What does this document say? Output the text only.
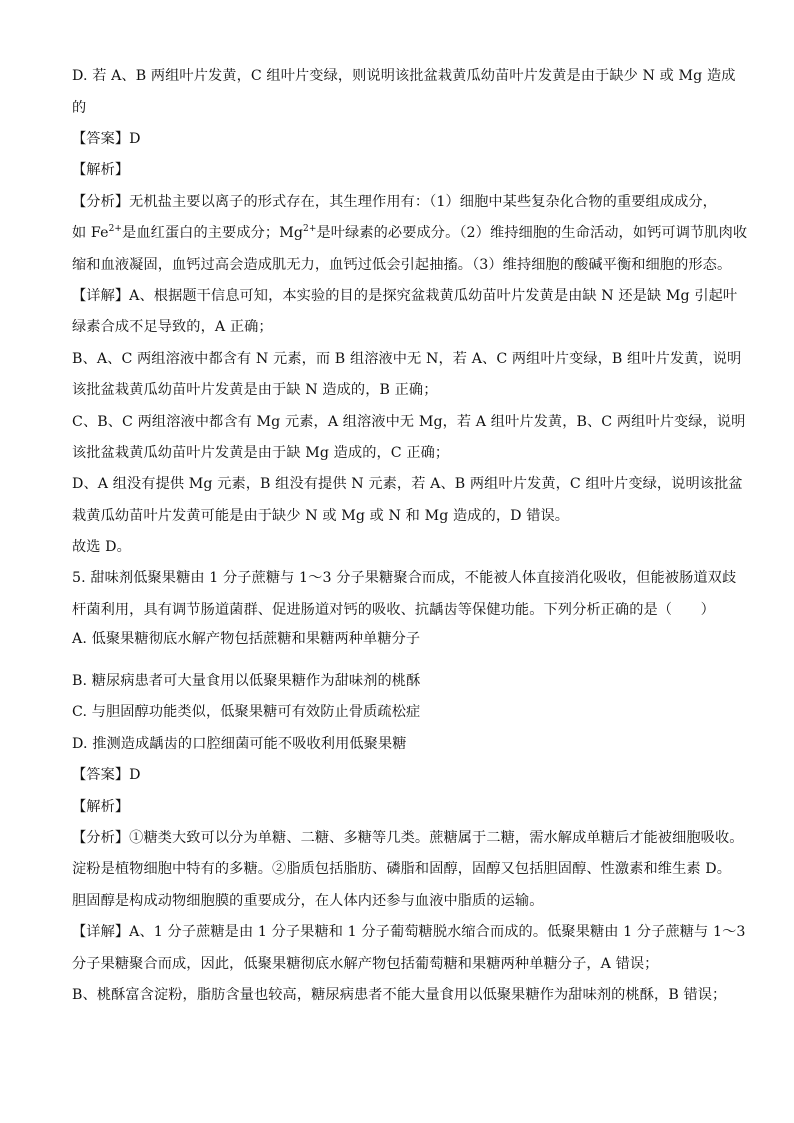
D. 若 A、B 两组叶片发黄，C 组叶片变绿，则说明该批盆栽黄瓜幼苗叶片发黄是由于缺少 N 或 Mg 造成
的
【答案】D
【解析】
【分析】无机盐主要以离子的形式存在，其生理作用有：（1）细胞中某些复杂化合物的重要组成成分，
如 $Fe^{2+}$是血红蛋白的主要成分；$Mg^{2+}$是叶绿素的必要成分。（2）维持细胞的生命活动，如钙可调节肌肉收
缩和血液凝固，血钙过高会造成肌无力，血钙过低会引起抽搐。（3）维持细胞的酸碱平衡和细胞的形态。
【详解】A、根据题干信息可知，本实验的目的是探究盆栽黄瓜幼苗叶片发黄是由缺 N 还是缺 Mg 引起叶
绿素合成不足导致的，A 正确；
B、A、C 两组溶液中都含有 N 元素，而 B 组溶液中无 N，若 A、C 两组叶片变绿，B 组叶片发黄，说明
该批盆栽黄瓜幼苗叶片发黄是由于缺 N 造成的，B 正确；
C、B、C 两组溶液中都含有 Mg 元素，A 组溶液中无 Mg，若 A 组叶片发黄，B、C 两组叶片变绿，说明
该批盆栽黄瓜幼苗叶片发黄是由于缺 Mg 造成的，C 正确；
D、A 组没有提供 Mg 元素，B 组没有提供 N 元素，若 A、B 两组叶片发黄，C 组叶片变绿，说明该批盆
栽黄瓜幼苗叶片发黄可能是由于缺少 N 或 Mg 或 N 和 Mg 造成的，D 错误。
故选 D。
5. 甜味剂低聚果糖由 1 分子蔗糖与 1～3 分子果糖聚合而成，不能被人体直接消化吸收，但能被肠道双歧
杆菌利用，具有调节肠道菌群、促进肠道对钙的吸收、抗龋齿等保健功能。下列分析正确的是（　　）
A. 低聚果糖彻底水解产物包括蔗糖和果糖两种单糖分子
B. 糖尿病患者可大量食用以低聚果糖作为甜味剂的桃酥
C. 与胆固醇功能类似，低聚果糖可有效防止骨质疏松症
D. 推测造成龋齿的口腔细菌可能不吸收利用低聚果糖
【答案】D
【解析】
【分析】①糖类大致可以分为单糖、二糖、多糖等几类。蔗糖属于二糖，需水解成单糖后才能被细胞吸收。
淀粉是植物细胞中特有的多糖。②脂质包括脂肪、磷脂和固醇，固醇又包括胆固醇、性激素和维生素 D。
胆固醇是构成动物细胞膜的重要成分，在人体内还参与血液中脂质的运输。
【详解】A、1 分子蔗糖是由 1 分子果糖和 1 分子葡萄糖脱水缩合而成的。低聚果糖由 1 分子蔗糖与 1～3
分子果糖聚合而成，因此，低聚果糖彻底水解产物包括葡萄糖和果糖两种单糖分子，A 错误；
B、桃酥富含淀粉，脂肪含量也较高，糖尿病患者不能大量食用以低聚果糖作为甜味剂的桃酥，B 错误；
